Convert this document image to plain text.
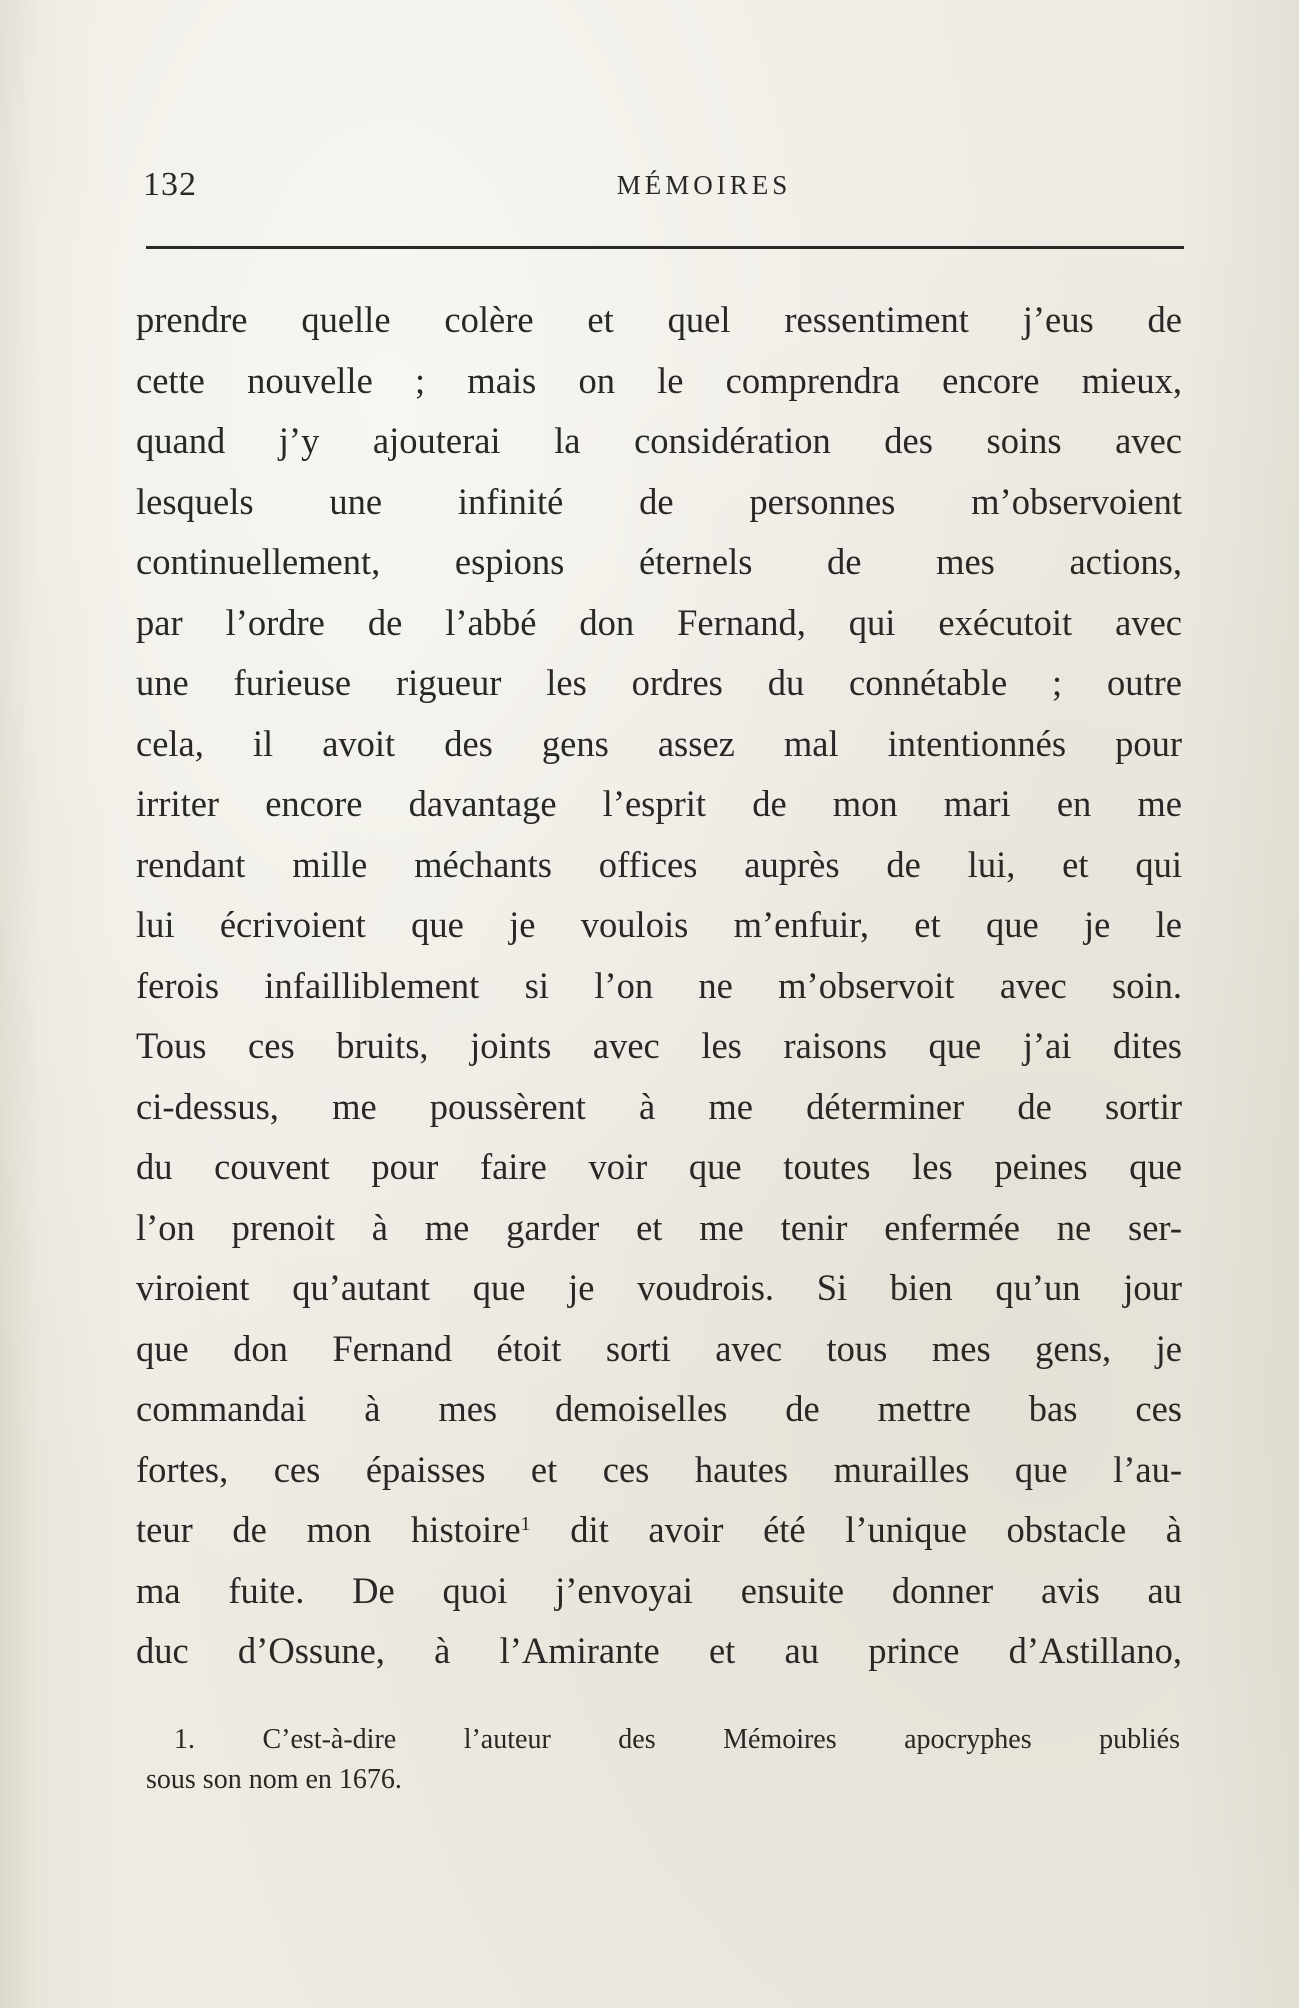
132	MÉMOIRES
prendre quelle colère et quel ressentiment j’eus de
cette nouvelle ; mais on le comprendra encore mieux,
quand j’y ajouterai la considération des soins avec
lesquels une infinité de personnes m’observoient
continuellement, espions éternels de mes actions,
par l’ordre de l’abbé don Fernand, qui exécutoit avec
une furieuse rigueur les ordres du connétable ; outre
cela, il avoit des gens assez mal intentionnés pour
irriter encore davantage l’esprit de mon mari en me
rendant mille méchants offices auprès de lui, et qui
lui écrivoient que je voulois m’enfuir, et que je le
ferois infailliblement si l’on ne m’observoit avec soin.
Tous ces bruits, joints avec les raisons que j’ai dites
ci-dessus, me poussèrent à me déterminer de sortir
du couvent pour faire voir que toutes les peines que
l’on prenoit à me garder et me tenir enfermée ne ser-
viroient qu’autant que je voudrois. Si bien qu’un jour
que don Fernand étoit sorti avec tous mes gens, je
commandai à mes demoiselles de mettre bas ces
fortes, ces épaisses et ces hautes murailles que l’au-
teur de mon histoire$^1$ dit avoir été l’unique obstacle à
ma fuite. De quoi j’envoyai ensuite donner avis au
duc d’Ossune, à l’Amirante et au prince d’Astillano,
1. C’est-à-dire l’auteur des Mémoires apocryphes publiés
sous son nom en 1676.
